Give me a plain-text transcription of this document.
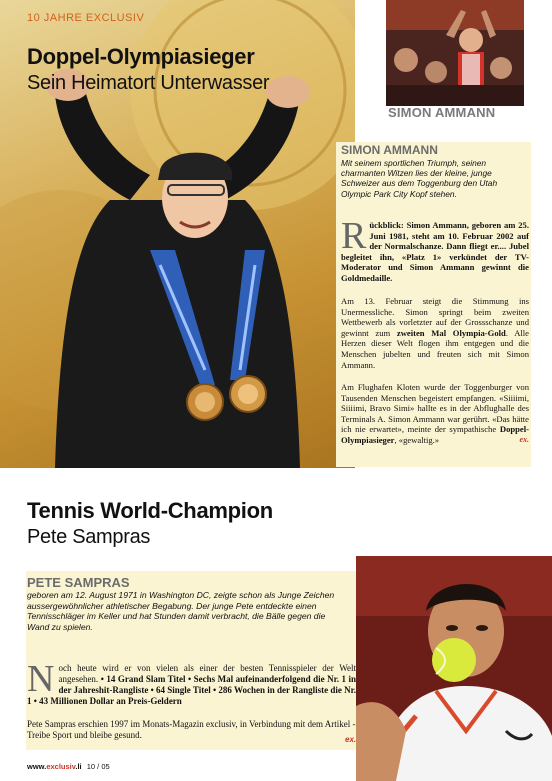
10 JAHRE EXCLUSIV
Doppel-Olympiasieger
Sein Heimatort Unterwasser
SIMON AMMANN
SIMON AMMANN
Mit seinem sportlichen Triumph, seinen charmanten Witzen lies der kleine, junge Schweizer aus dem Toggenburg den Utah Olympic Park City Kopf stehen.
Rückblick: Simon Ammann, geboren am 25. Juni 1981, steht am 10. Februar 2002 auf der Normalschanze. Dann fliegt er.... Jubel begleitet ihn, «Platz 1» verkündet der TV-Moderator und Simon Ammann gewinnt die Goldmedaille.
Am 13. Februar steigt die Stimmung ins Unermessliche. Simon springt beim zweiten Wettbewerb als vorletzter auf der Grossschanze und gewinnt zum zweiten Mal Olympia-Gold. Alle Herzen dieser Welt flogen ihm entgegen und die Menschen jubelten und freuten sich mit Simon Ammann.
Am Flughafen Kloten wurde der Toggenburger von Tausenden Menschen begeistert empfangen. «Siiiimi, Siiiimi, Bravo Simi» hallte es in der Abflughalle des Terminals A. Simon Ammann war gerührt. «Das hätte ich nie erwartet», meinte der sympathische Doppel-Olympiasieger, «gewaltig.»	ex.
Tennis World-Champion
Pete Sampras
PETE SAMPRAS
geboren am 12. August 1971 in Washington DC, zeigte schon als Junge Zeichen aussergewöhnlicher athletischer Begabung. Der junge Pete entdeckte einen Tennisschläger im Keller und hat Stunden damit verbracht, die Bälle gegen die Wand zu spielen.
Noch heute wird er von vielen als einer der besten Tennisspieler der Welt angesehen. • 14 Grand Slam Titel • Sechs Mal aufeinanderfolgend die Nr. 1 in der Jahreshit-Rangliste • 64 Single Titel • 286 Wochen in der Rangliste die Nr. 1 • 43 Millionen Dollar an Preis-Geldern
Pete Sampras erschien 1997 im Monats-Magazin exclusiv, in Verbindung mit dem Artikel - Treibe Sport und bleibe gesund.	ex.
www.exclusiv.li 10 / 05
